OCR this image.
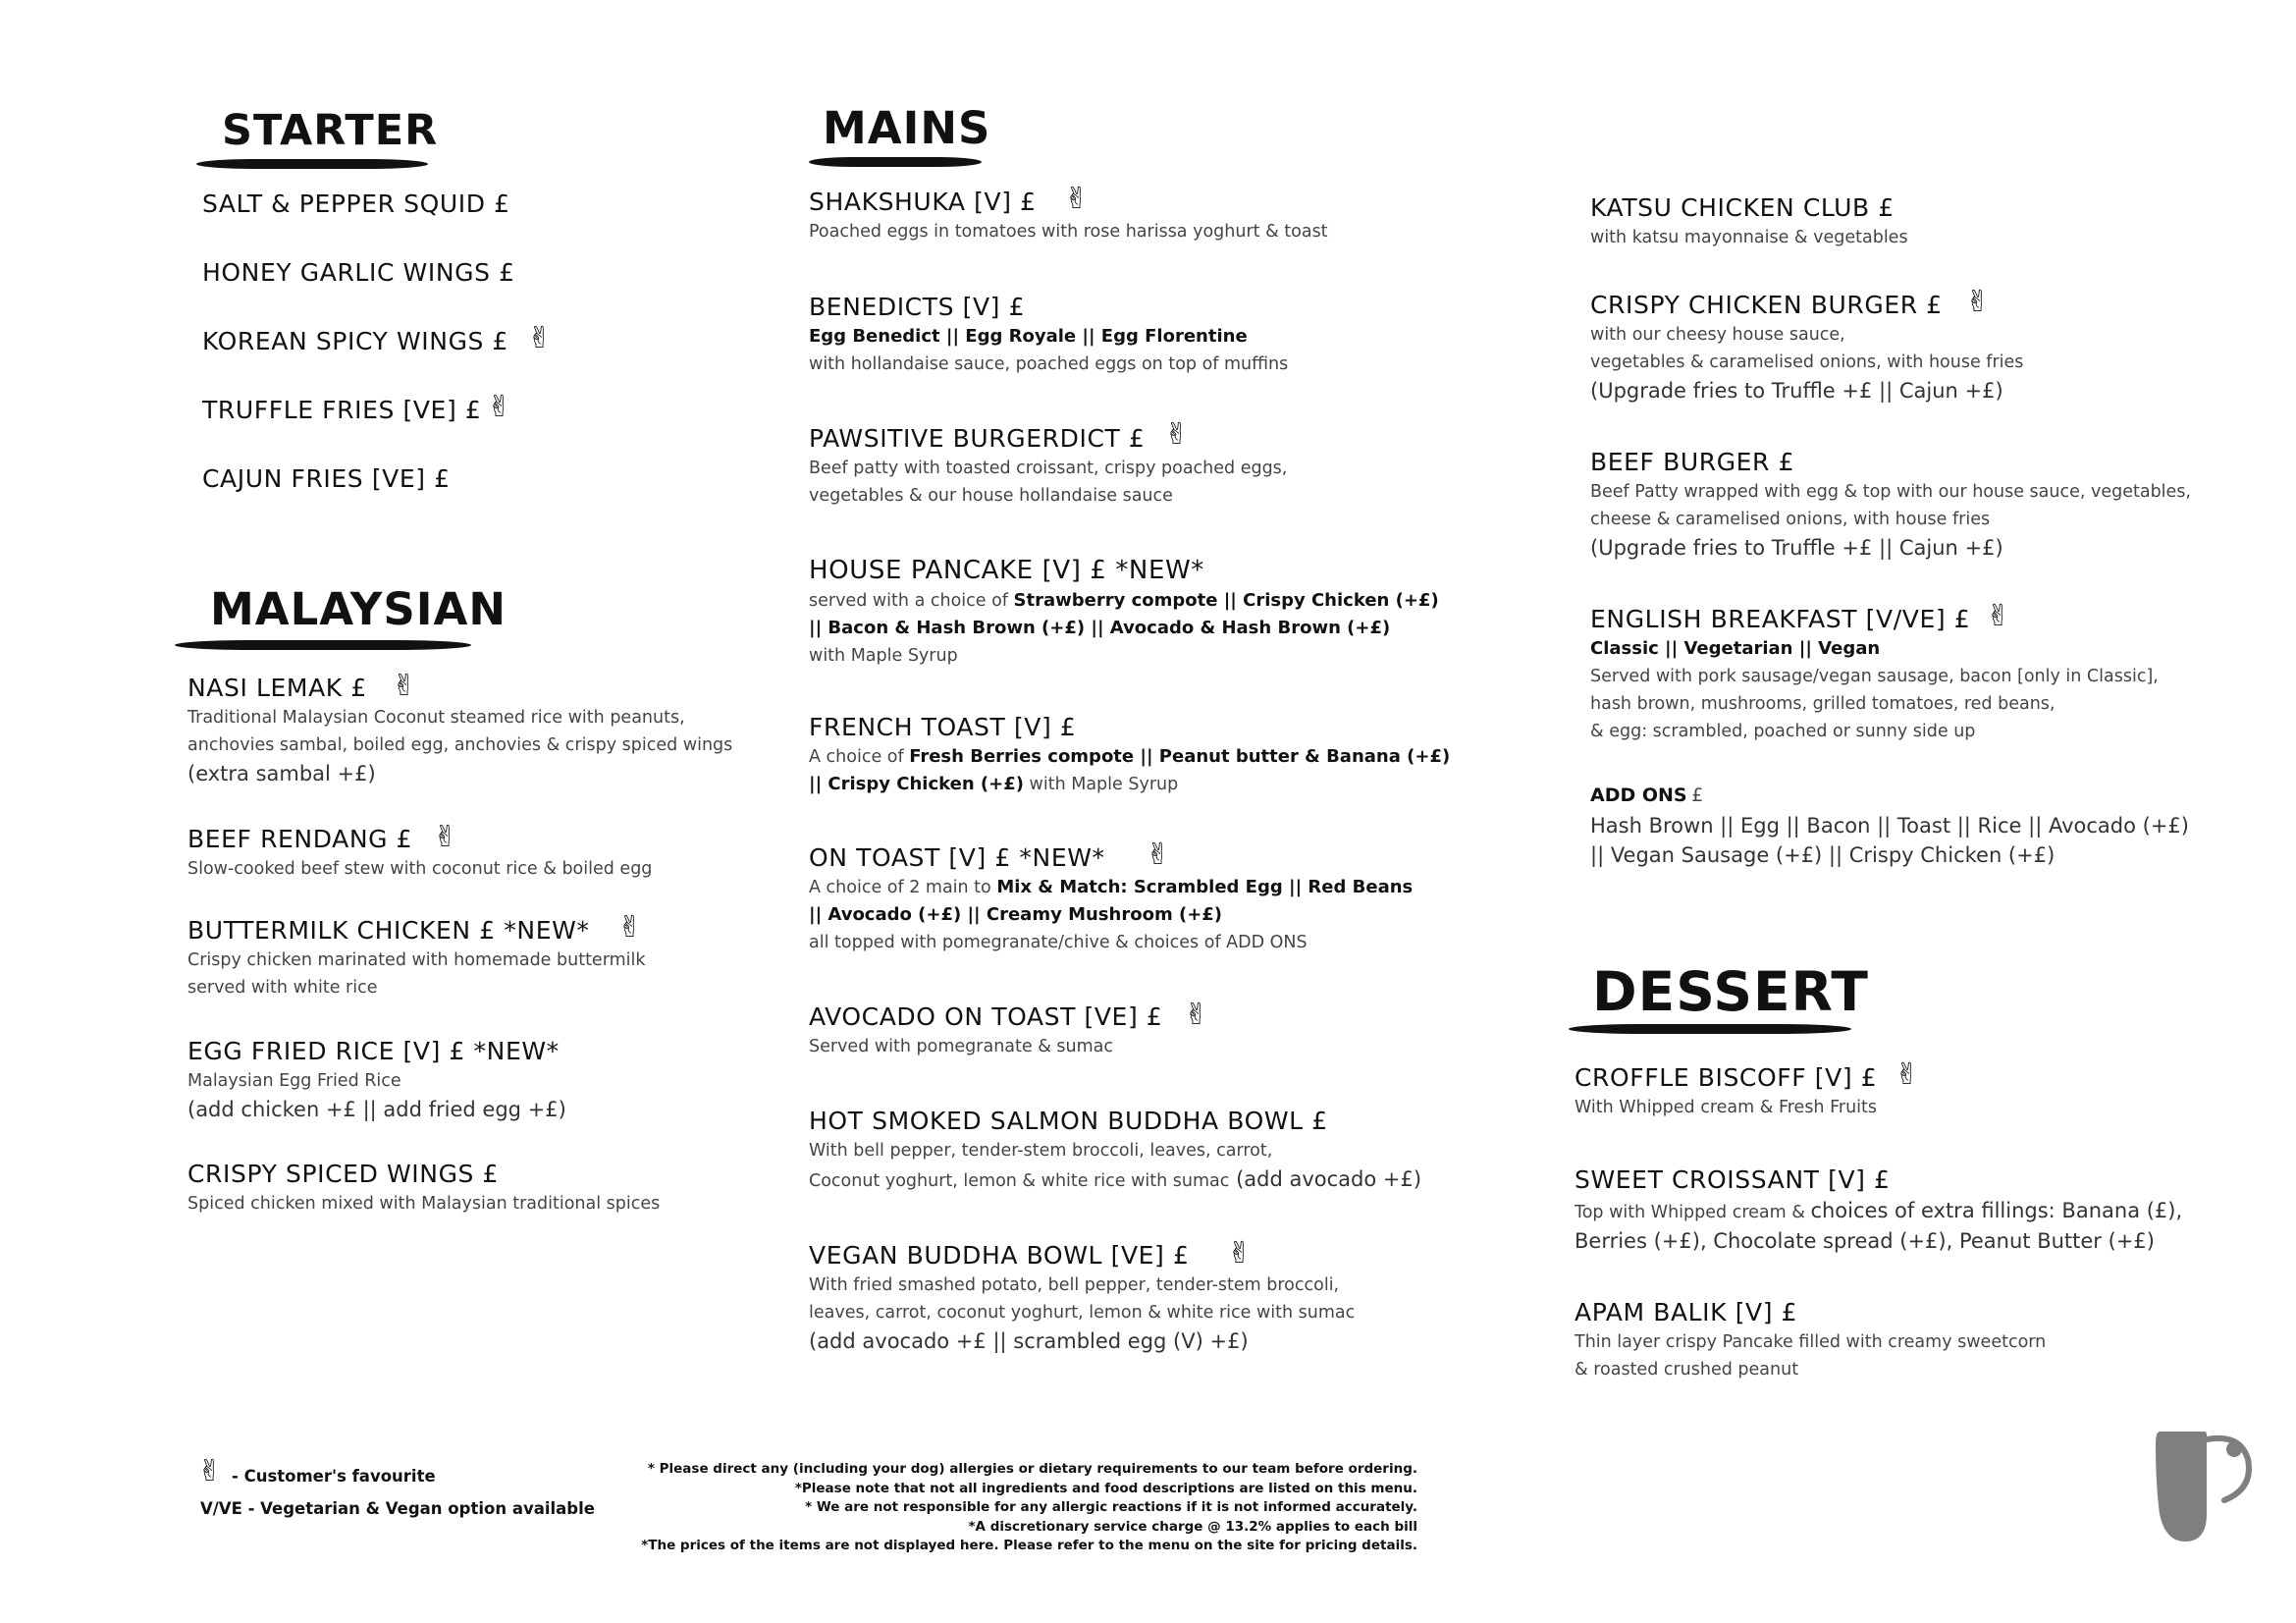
STARTER
SALT & PEPPER SQUID £
HONEY GARLIC WINGS £
KOREAN SPICY WINGS £ ✌
TRUFFLE FRIES [VE] £ ✌
CAJUN FRIES [VE] £
MALAYSIAN
NASI LEMAK £
Traditional Malaysian Coconut steamed rice with peanuts,
anchovies sambal, boiled egg, anchovies & crispy spiced wings
(extra sambal +£)
✌
BEEF RENDANG £
Slow-cooked beef stew with coconut rice & boiled egg
✌
BUTTERMILK CHICKEN £ *NEW*
Crispy chicken marinated with homemade buttermilk
served with white rice
✌
EGG FRIED RICE [V] £ *NEW*
Malaysian Egg Fried Rice
(add chicken +£ || add fried egg +£)
CRISPY SPICED WINGS £
Spiced chicken mixed with Malaysian traditional spices
MAINS
SHAKSHUKA [V] £
Poached eggs in tomatoes with rose harissa yoghurt & toast
✌
BENEDICTS [V] £
Egg Benedict || Egg Royale || Egg Florentine
with hollandaise sauce, poached eggs on top of muffins
PAWSITIVE BURGERDICT £
Beef patty with toasted croissant, crispy poached eggs,
vegetables & our house hollandaise sauce
✌
HOUSE PANCAKE [V] £ *NEW*
served with a choice of Strawberry compote || Crispy Chicken (+£)
|| Bacon & Hash Brown (+£) || Avocado & Hash Brown (+£)
with Maple Syrup
FRENCH TOAST [V] £
A choice of Fresh Berries compote || Peanut butter & Banana (+£)
|| Crispy Chicken (+£) with Maple Syrup
ON TOAST [V] £ *NEW*
A choice of 2 main to Mix & Match: Scrambled Egg || Red Beans
|| Avocado (+£) || Creamy Mushroom (+£)
all topped with pomegranate/chive & choices of ADD ONS
✌
AVOCADO ON TOAST [VE] £
Served with pomegranate & sumac
✌
HOT SMOKED SALMON BUDDHA BOWL £
With bell pepper, tender-stem broccoli, leaves, carrot,
Coconut yoghurt, lemon & white rice with sumac (add avocado +£)
VEGAN BUDDHA BOWL [VE] £
With fried smashed potato, bell pepper, tender-stem broccoli,
leaves, carrot, coconut yoghurt, lemon & white rice with sumac
(add avocado +£ || scrambled egg (V) +£)
✌
KATSU CHICKEN CLUB £
with katsu mayonnaise & vegetables
CRISPY CHICKEN BURGER £
with our cheesy house sauce,
vegetables & caramelised onions, with house fries
(Upgrade fries to Truffle +£ || Cajun +£)
✌
BEEF BURGER £
Beef Patty wrapped with egg & top with our house sauce, vegetables,
cheese & caramelised onions, with house fries
(Upgrade fries to Truffle +£ || Cajun +£)
ENGLISH BREAKFAST [V/VE] £
Classic || Vegetarian || Vegan
Served with pork sausage/vegan sausage, bacon [only in Classic],
hash brown, mushrooms, grilled tomatoes, red beans,
& egg: scrambled, poached or sunny side up
✌
ADD ONS £
Hash Brown || Egg || Bacon || Toast || Rice || Avocado (+£)
|| Vegan Sausage (+£) || Crispy Chicken (+£)
DESSERT
CROFFLE BISCOFF [V] £
With Whipped cream & Fresh Fruits
✌
SWEET CROISSANT [V] £
Top with Whipped cream & choices of extra fillings: Banana (£),
Berries (+£), Chocolate spread (+£), Peanut Butter (+£)
APAM BALIK [V] £
Thin layer crispy Pancake filled with creamy sweetcorn
& roasted crushed peanut
✌ - Customer's favourite
V/VE - Vegetarian & Vegan option available
* Please direct any (including your dog) allergies or dietary requirements to our team before ordering.
*Please note that not all ingredients and food descriptions are listed on this menu.
* We are not responsible for any allergic reactions if it is not informed accurately.
*A discretionary service charge @ 13.2% applies to each bill
*The prices of the items are not displayed here. Please refer to the menu on the site for pricing details.
